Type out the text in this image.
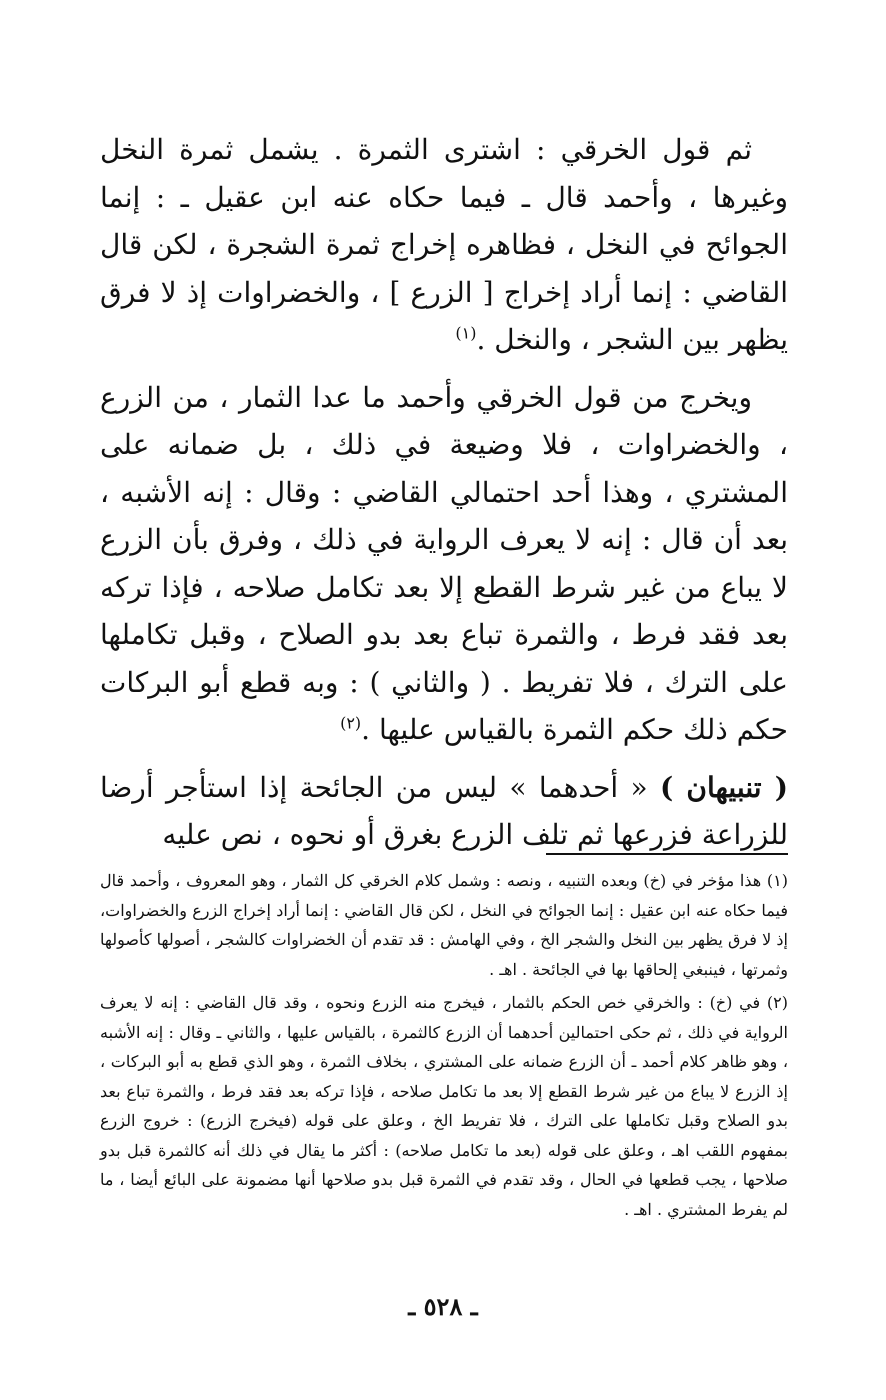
ثم قول الخرقي : اشترى الثمرة . يشمل ثمرة النخل وغيرها ، وأحمد قال ـ فيما حكاه عنه ابن عقيل ـ : إنما الجوائح في النخل ، فظاهره إخراج ثمرة الشجرة ، لكن قال القاضي : إنما أراد إخراج [ الزرع ] ، والخضراوات إذ لا فرق يظهر بين الشجر ، والنخل .$^{(١)}$

ويخرج من قول الخرقي وأحمد ما عدا الثمار ، من الزرع ، والخضراوات ، فلا وضيعة في ذلك ، بل ضمانه على المشتري ، وهذا أحد احتمالي القاضي : وقال : إنه الأشبه ، بعد أن قال : إنه لا يعرف الرواية في ذلك ، وفرق بأن الزرع لا يباع من غير شرط القطع إلا بعد تكامل صلاحه ، فإذا تركه بعد فقد فرط ، والثمرة تباع بعد بدو الصلاح ، وقبل تكاملها على الترك ، فلا تفريط . ( والثاني ) : وبه قطع أبو البركات حكم ذلك حكم الثمرة بالقياس عليها .$^{(٢)}$

( تنبيهان ) « أحدهما » ليس من الجائحة إذا استأجر أرضا للزراعة فزرعها ثم تلف الزرع بغرق أو نحوه ، نص عليه

(١) هذا مؤخر في (خ) وبعده التنبيه ، ونصه : وشمل كلام الخرقي كل الثمار ، وهو المعروف ، وأحمد قال فيما حكاه عنه ابن عقيل : إنما الجوائح في النخل ، لكن قال القاضي : إنما أراد إخراج الزرع والخضراوات، إذ لا فرق يظهر بين النخل والشجر الخ ، وفي الهامش : قد تقدم أن الخضراوات كالشجر ، أصولها كأصولها وثمرتها ، فينبغي إلحاقها بها في الجائحة . اهـ .

(٢) في (خ) : والخرقي خص الحكم بالثمار ، فيخرج منه الزرع ونحوه ، وقد قال القاضي : إنه لا يعرف الرواية في ذلك ، ثم حكى احتمالين أحدهما أن الزرع كالثمرة ، بالقياس عليها ، والثاني ـ وقال : إنه الأشبه ، وهو ظاهر كلام أحمد ـ أن الزرع ضمانه على المشتري ، بخلاف الثمرة ، وهو الذي قطع به أبو البركات ، إذ الزرع لا يباع من غير شرط القطع إلا بعد ما تكامل صلاحه ، فإذا تركه بعد فقد فرط ، والثمرة تباع بعد بدو الصلاح وقبل تكاملها على الترك ، فلا تفريط الخ ، وعلق على قوله (فيخرج الزرع) : خروج الزرع بمفهوم اللقب اهـ ، وعلق على قوله (بعد ما تكامل صلاحه) : أكثر ما يقال في ذلك أنه كالثمرة قبل بدو صلاحها ، يجب قطعها في الحال ، وقد تقدم في الثمرة قبل بدو صلاحها أنها مضمونة على البائع أيضا ، ما لم يفرط المشتري . اهـ .

ـ ٥٢٨ ـ
